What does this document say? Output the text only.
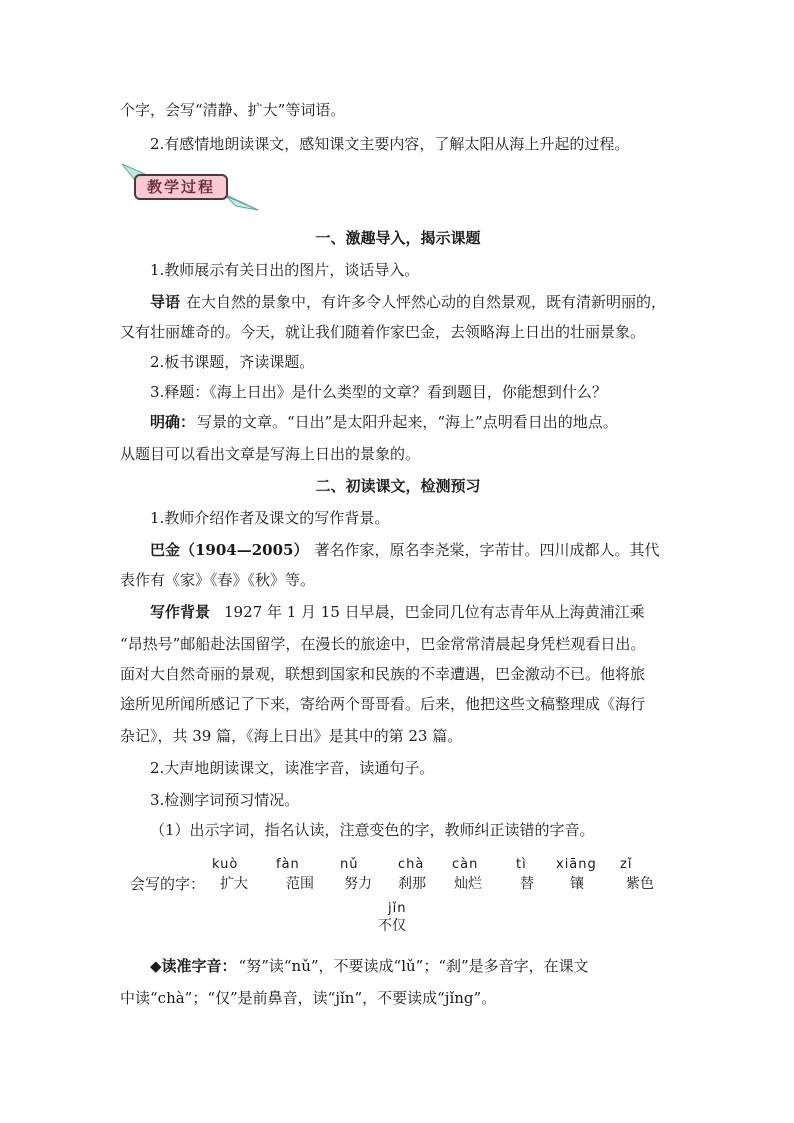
个字，会写“清静、扩大”等词语。
2.有感情地朗读课文，感知课文主要内容，了解太阳从海上升起的过程。
教学过程
一、激趣导入，揭示课题
1.教师展示有关日出的图片，谈话导入。
导语 在大自然的景象中，有许多令人怦然心动的自然景观，既有清新明丽的，
又有壮丽雄奇的。今天，就让我们随着作家巴金，去领略海上日出的壮丽景象。
2.板书课题，齐读课题。
3.释题：《海上日出》是什么类型的文章？看到题目，你能想到什么？
明确： 写景的文章。“日出”是太阳升起来，“海上”点明看日出的地点。
从题目可以看出文章是写海上日出的景象的。
二、初读课文，检测预习
1.教师介绍作者及课文的写作背景。
巴金（1904—2005） 著名作家，原名李尧棠，字芾甘。四川成都人。其代
表作有《家》《春》《秋》等。
写作背景 1927 年 1 月 15 日早晨，巴金同几位有志青年从上海黄浦江乘
“昂热号”邮船赴法国留学，在漫长的旅途中，巴金常常清晨起身凭栏观看日出。
面对大自然奇丽的景观，联想到国家和民族的不幸遭遇，巴金激动不已。他将旅
途所见所闻所感记了下来，寄给两个哥哥看。后来，他把这些文稿整理成《海行
杂记》，共 39 篇，《海上日出》是其中的第 23 篇。
2.大声地朗读课文，读准字音，读通句子。
3.检测字词预习情况。
（1）出示字词，指名认读，注意变色的字，教师纠正读错的字音。
会写的字：
kuò
扩大
fàn
范围
nǔ
努力
chà
刹那
càn
灿烂
tì
替
xiāng
镶
zǐ
紫色
jǐn
不仅
◆读准字音： “努”读“nǔ”，不要读成“lǔ”；“刹”是多音字，在课文
中读“chà”；“仅”是前鼻音，读“jǐn”，不要读成“jǐng”。
